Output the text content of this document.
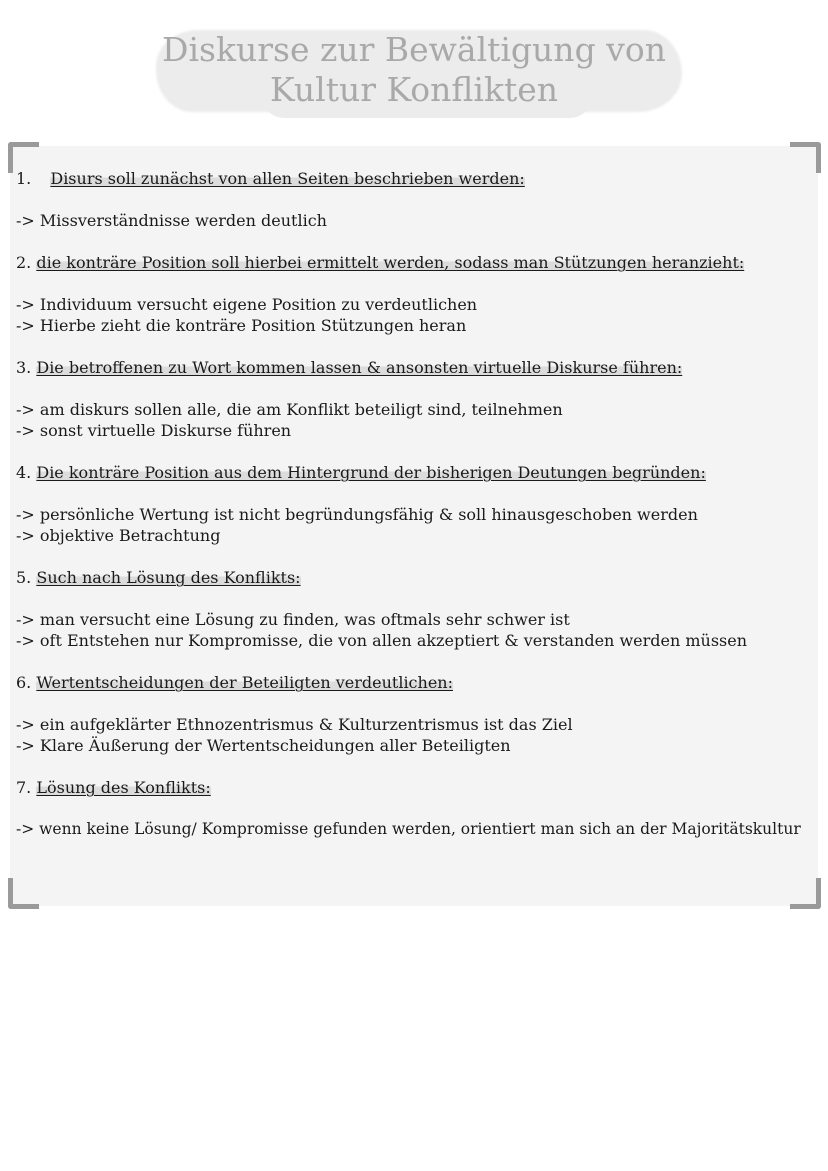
Diskurse zur Bewältigung von
Kultur Konflikten

1. Disurs soll zunächst von allen Seiten beschrieben werden:

-> Missverständnisse werden deutlich

2. die konträre Position soll hierbei ermittelt werden, sodass man Stützungen heranzieht:

-> Individuum versucht eigene Position zu verdeutlichen

-> Hierbe zieht die konträre Position Stützungen heran

3. Die betroffenen zu Wort kommen lassen & ansonsten virtuelle Diskurse führen:

-> am diskurs sollen alle, die am Konflikt beteiligt sind, teilnehmen

-> sonst virtuelle Diskurse führen

4. Die konträre Position aus dem Hintergrund der bisherigen Deutungen begründen:

-> persönliche Wertung ist nicht begründungsfähig & soll hinausgeschoben werden

-> objektive Betrachtung

5. Such nach Lösung des Konflikts:

-> man versucht eine Lösung zu finden, was oftmals sehr schwer ist

-> oft Entstehen nur Kompromisse, die von allen akzeptiert & verstanden werden müssen

6. Wertentscheidungen der Beteiligten verdeutlichen:

-> ein aufgeklärter Ethnozentrismus & Kulturzentrismus ist das Ziel

-> Klare Äußerung der Wertentscheidungen aller Beteiligten

7. Lösung des Konflikts:

-> wenn keine Lösung/ Kompromisse gefunden werden, orientiert man sich an der Majoritätskultur
